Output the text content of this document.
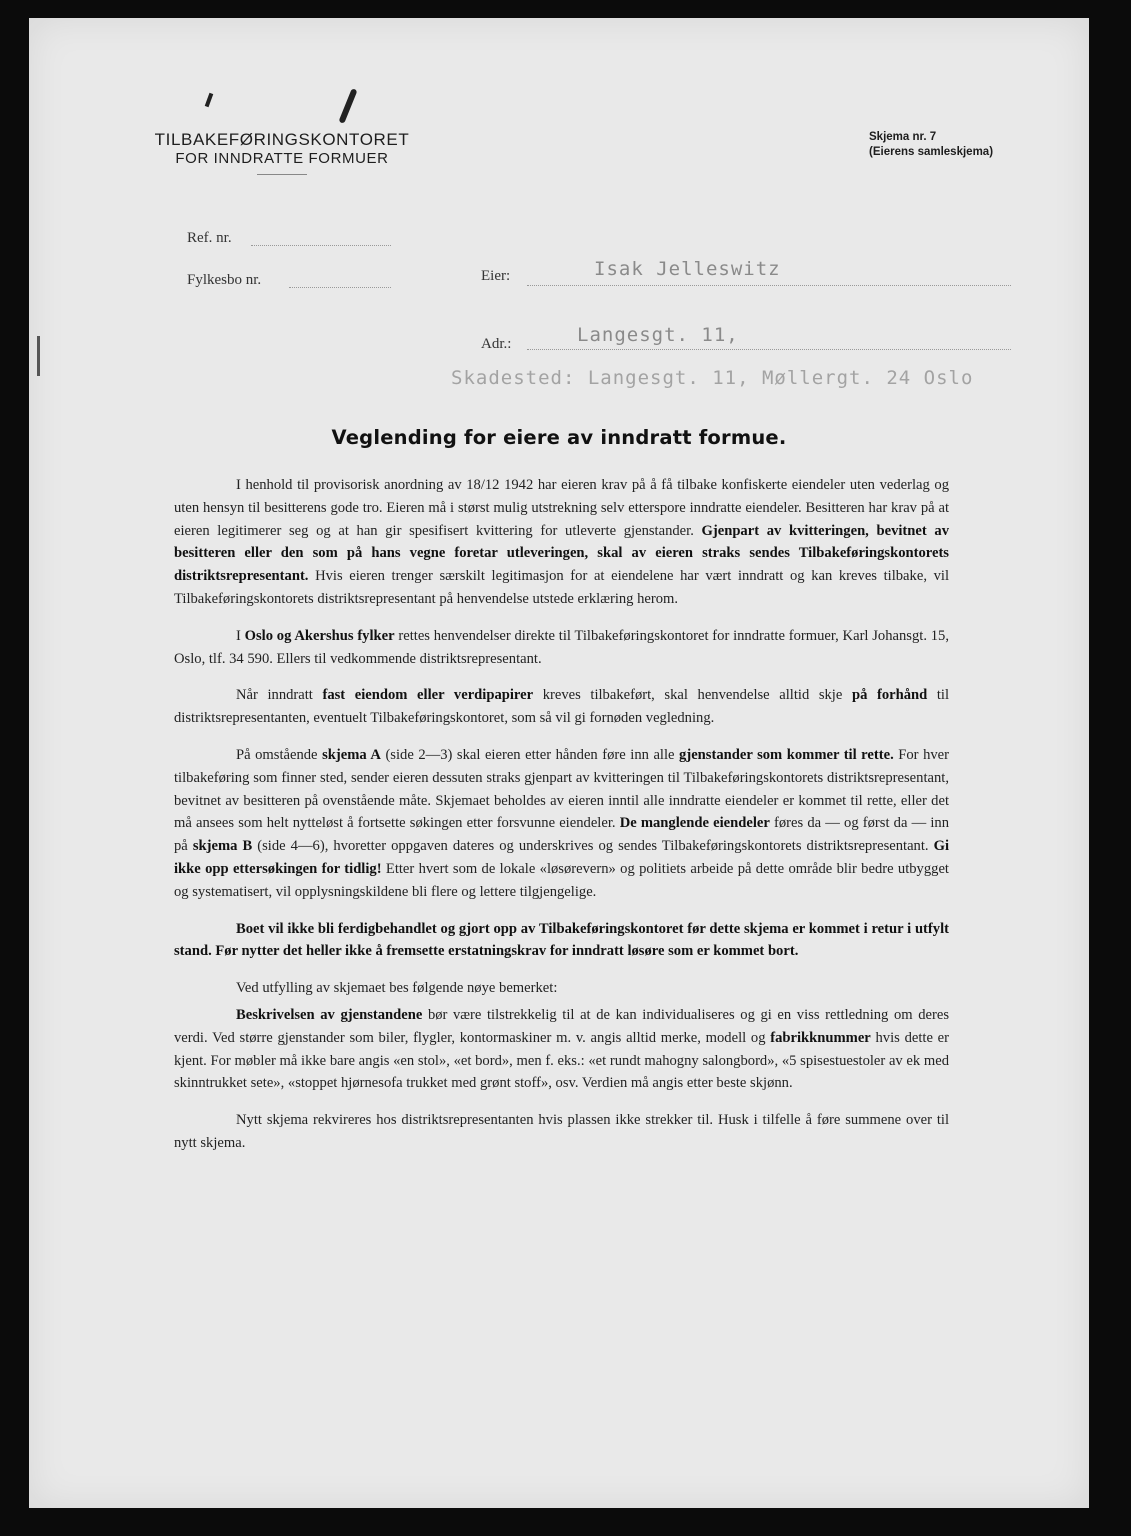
TILBAKEFØRINGSKONTORET
FOR INNDRATTE FORMUER
Skjema nr. 7
(Eierens samleskjema)
Ref. nr.
Fylkesbo nr.	Eier:	Isak Jelleswitz
Adr.:	Langesgt. 11,
Skadested: Langesgt. 11, Møllergt. 24 Oslo
Veglending for eiere av inndratt formue.

I henhold til provisorisk anordning av 18/12 1942 har eieren krav på å få tilbake konfiskerte eiendeler uten vederlag og uten hensyn til besitterens gode tro. Eieren må i størst mulig utstrekning selv etterspore inndratte eiendeler. Besitteren har krav på at eieren legitimerer seg og at han gir spesifisert kvittering for utleverte gjenstander. Gjenpart av kvitteringen, bevitnet av besitteren eller den som på hans vegne foretar utleveringen, skal av eieren straks sendes Tilbakeføringskontorets distriktsrepresentant. Hvis eieren trenger særskilt legitimasjon for at eiendelene har vært inndratt og kan kreves tilbake, vil Tilbakeføringskontorets distriktsrepresentant på henvendelse utstede erklæring herom.

I Oslo og Akershus fylker rettes henvendelser direkte til Tilbakeføringskontoret for inndratte formuer, Karl Johansgt. 15, Oslo, tlf. 34 590. Ellers til vedkommende distriktsrepresentant.

Når inndratt fast eiendom eller verdipapirer kreves tilbakeført, skal henvendelse alltid skje på forhånd til distriktsrepresentanten, eventuelt Tilbakeføringskontoret, som så vil gi fornøden vegledning.

På omstående skjema A (side 2—3) skal eieren etter hånden føre inn alle gjenstander som kommer til rette. For hver tilbakeføring som finner sted, sender eieren dessuten straks gjenpart av kvitteringen til Tilbakeføringskontorets distriktsrepresentant, bevitnet av besitteren på ovenstående måte. Skjemaet beholdes av eieren inntil alle inndratte eiendeler er kommet til rette, eller det må ansees som helt nytteløst å fortsette søkingen etter forsvunne eiendeler. De manglende eiendeler føres da — og først da — inn på skjema B (side 4—6), hvoretter oppgaven dateres og underskrives og sendes Tilbakeføringskontorets distriktsrepresentant. Gi ikke opp ettersøkingen for tidlig! Etter hvert som de lokale «løsørevern» og politiets arbeide på dette område blir bedre utbygget og systematisert, vil opplysningskildene bli flere og lettere tilgjengelige.

Boet vil ikke bli ferdigbehandlet og gjort opp av Tilbakeføringskontoret før dette skjema er kommet i retur i utfylt stand. Før nytter det heller ikke å fremsette erstatningskrav for inndratt løsøre som er kommet bort.

Ved utfylling av skjemaet bes følgende nøye bemerket:

Beskrivelsen av gjenstandene bør være tilstrekkelig til at de kan individualiseres og gi en viss rettledning om deres verdi. Ved større gjenstander som biler, flygler, kontormaskiner m. v. angis alltid merke, modell og fabrikknummer hvis dette er kjent. For møbler må ikke bare angis «en stol», «et bord», men f. eks.: «et rundt mahogny salongbord», «5 spisestuestoler av ek med skinntrukket sete», «stoppet hjørnesofa trukket med grønt stoff», osv. Verdien må angis etter beste skjønn.

Nytt skjema rekvireres hos distriktsrepresentanten hvis plassen ikke strekker til. Husk i tilfelle å føre summene over til nytt skjema.
